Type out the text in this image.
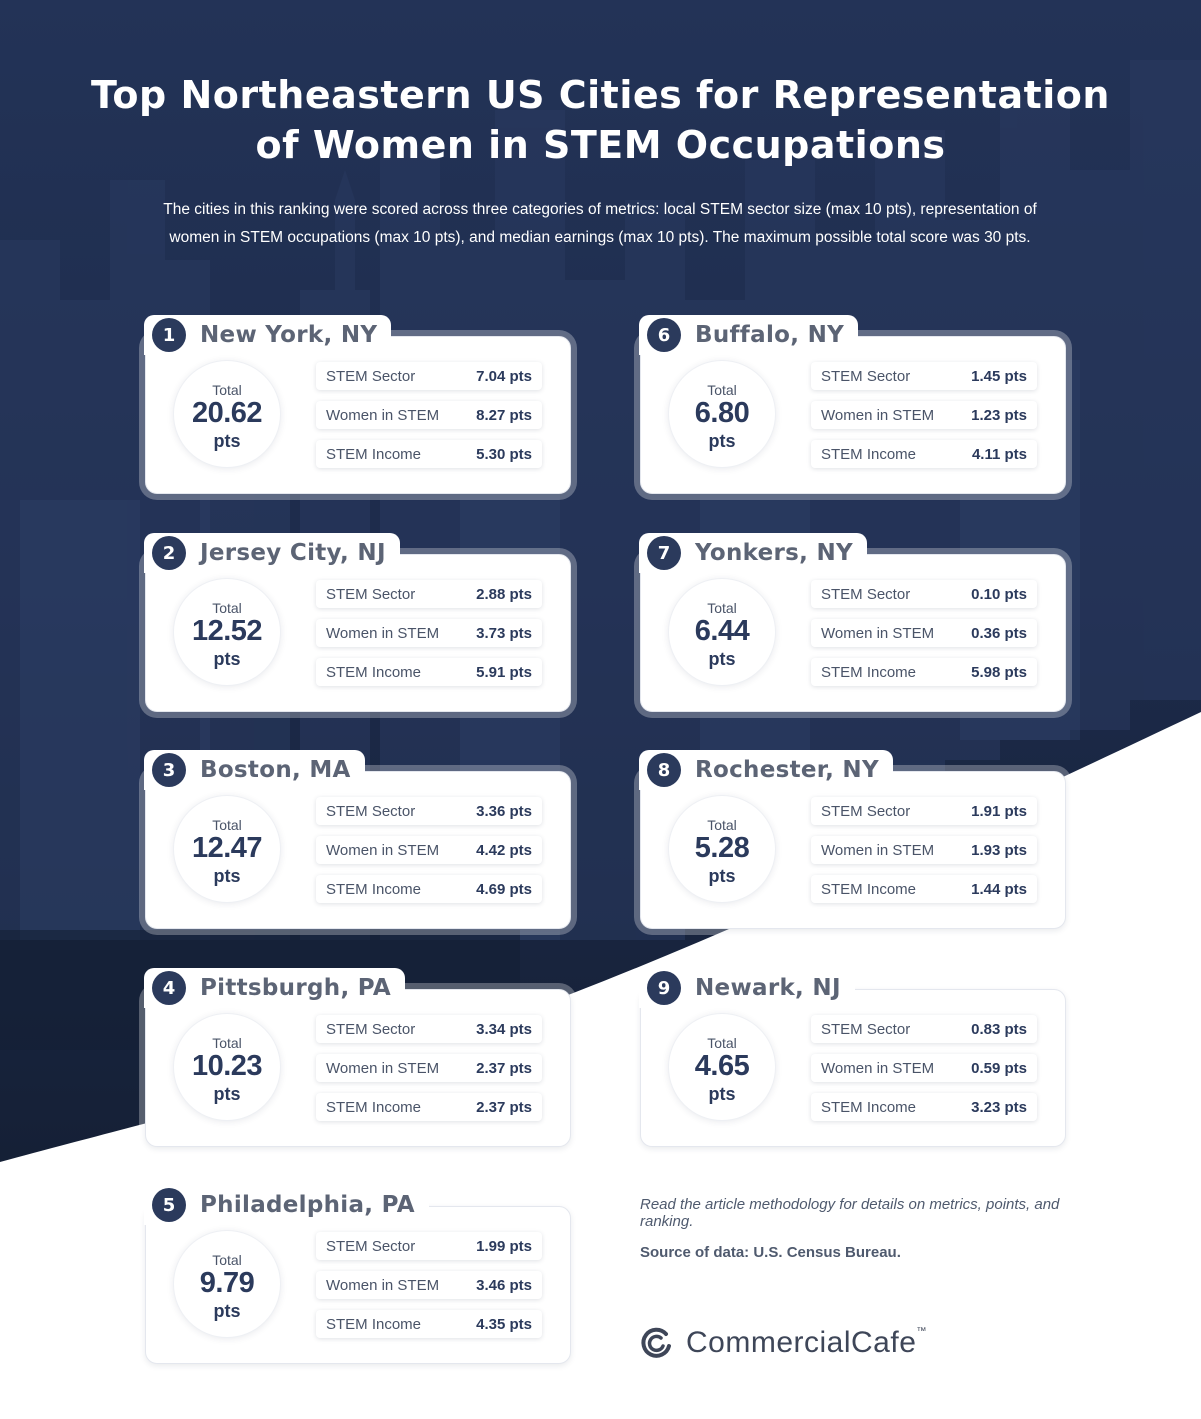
Top Northeastern US Cities for Representation
of Women in STEM Occupations
The cities in this ranking were scored across three categories of metrics: local STEM sector size (max 10 pts), representation of
women in STEM occupations (max 10 pts), and median earnings (max 10 pts). The maximum possible total score was 30 pts.
1	New York, NY
Total
20.62
pts
STEM Sector	7.04 pts
Women in STEM 8.27 pts
STEM Income	5.30 pts
2	Jersey City, NJ
Total
12.52
pts
STEM Sector	2.88 pts
Women in STEM 3.73 pts
STEM Income	5.91 pts
3	Boston, MA
Total
12.47
pts
STEM Sector	3.36 pts
Women in STEM 4.42 pts
STEM Income	4.69 pts
4	Pittsburgh, PA
Total
10.23
pts
STEM Sector	3.34 pts
Women in STEM 2.37 pts
STEM Income	2.37 pts
5	Philadelphia, PA
Total
9.79
pts
STEM Sector	1.99 pts
Women in STEM 3.46 pts
STEM Income	4.35 pts
6	Buffalo, NY
Total
6.80
pts
STEM Sector	1.45 pts
Women in STEM 1.23 pts
STEM Income	4.11 pts
7	Yonkers, NY
Total
6.44
pts
STEM Sector	0.10 pts
Women in STEM 0.36 pts
STEM Income	5.98 pts
8	Rochester, NY
Total
5.28
pts
STEM Sector	1.91 pts
Women in STEM 1.93 pts
STEM Income	1.44 pts
9	Newark, NJ
Total
4.65
pts
STEM Sector	0.83 pts
Women in STEM 0.59 pts
STEM Income	3.23 pts
Read the article methodology for details on metrics, points, and ranking.
Source of data: U.S. Census Bureau.
CommercialCafe ™
